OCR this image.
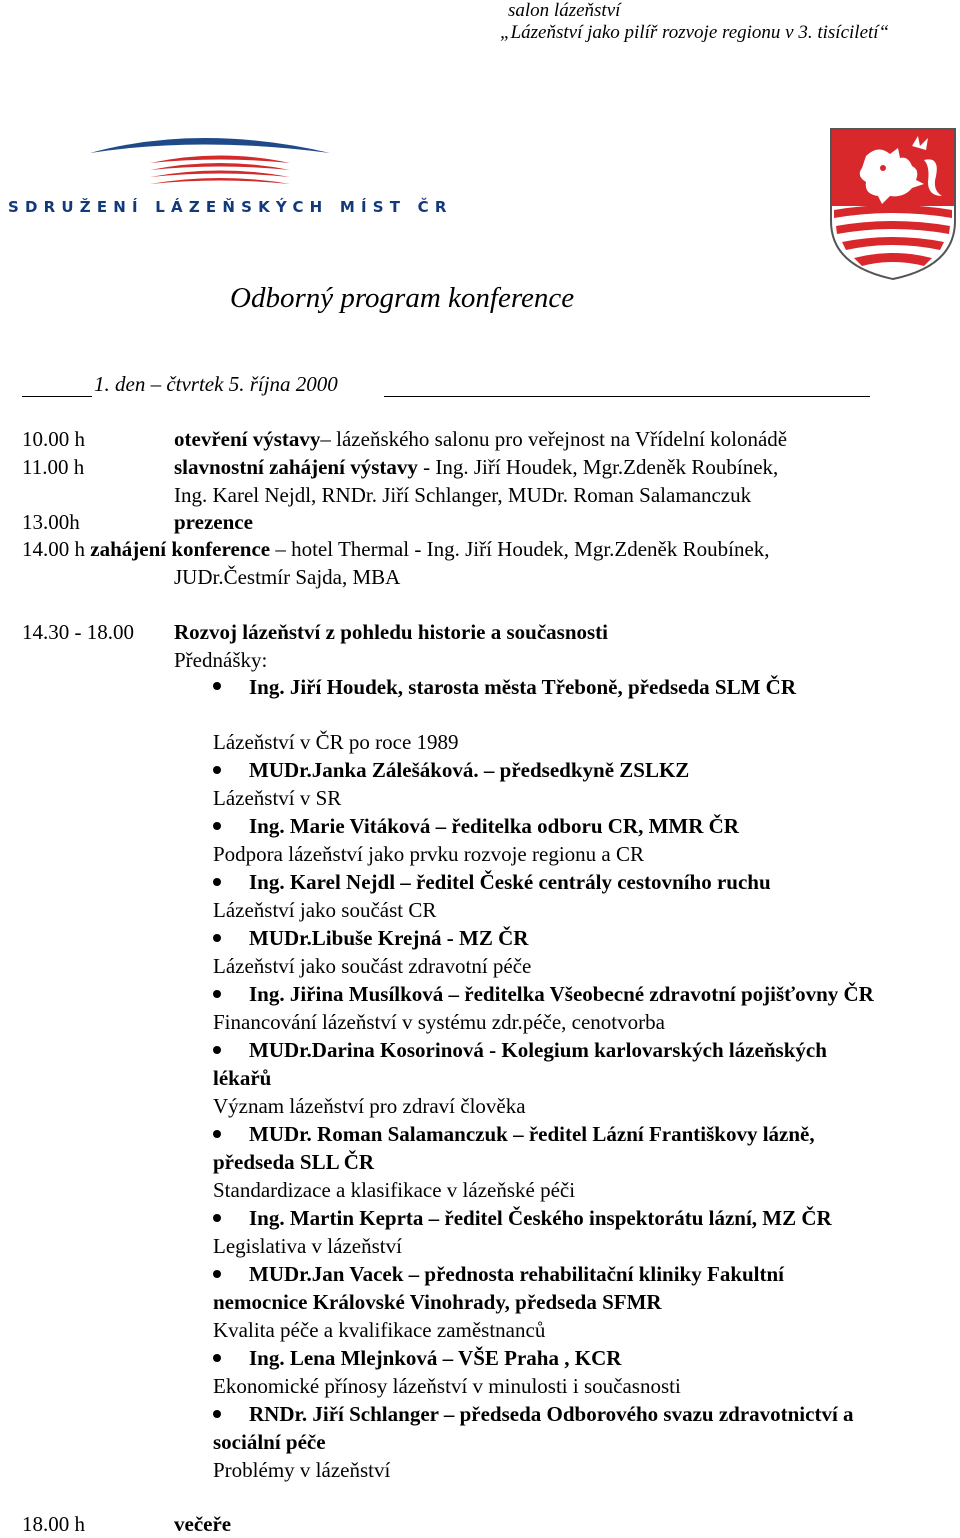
salon lázeňství
„Lázeňství jako pilíř rozvoje regionu v 3. tisíciletí“
SDRUŽENÍ LÁZEŇSKÝCH MÍST ČR
Odborný program konference
1. den – čtvrtek 5. října 2000
10.00 h	otevření výstavy– lázeňského salonu pro veřejnost na Vřídelní kolonádě
11.00 h	slavnostní zahájení výstavy - Ing. Jiří Houdek, Mgr.Zdeněk Roubínek,
Ing. Karel Nejdl, RNDr. Jiří Schlanger, MUDr. Roman Salamanczuk
13.00h	prezence
14.00 h zahájení konference – hotel Thermal - Ing. Jiří Houdek, Mgr.Zdeněk Roubínek,
JUDr.Čestmír Sajda, MBA
14.30 - 18.00 Rozvoj lázeňství z pohledu historie a současnosti
Přednášky:
Ing. Jiří Houdek, starosta města Třeboně, předseda SLM ČR
Lázeňství v ČR po roce 1989
MUDr.Janka Zálešáková. – předsedkyně ZSLKZ
Lázeňství v SR
Ing. Marie Vitáková – ředitelka odboru CR, MMR ČR
Podpora lázeňství jako prvku rozvoje regionu a CR
Ing. Karel Nejdl – ředitel České centrály cestovního ruchu
Lázeňství jako součást CR
MUDr.Libuše Krejná - MZ ČR
Lázeňství jako součást zdravotní péče
Ing. Jiřina Musílková – ředitelka Všeobecné zdravotní pojišťovny ČR
Financování lázeňství v systému zdr.péče, cenotvorba
MUDr.Darina Kosorinová - Kolegium karlovarských lázeňských
lékařů
Význam lázeňství pro zdraví člověka
MUDr. Roman Salamanczuk – ředitel Lázní Františkovy lázně,
předseda SLL ČR
Standardizace a klasifikace v lázeňské péči
Ing. Martin Keprta – ředitel Českého inspektorátu lázní, MZ ČR
Legislativa v lázeňství
MUDr.Jan Vacek – přednosta rehabilitační kliniky Fakultní
nemocnice Královské Vinohrady, předseda SFMR
Kvalita péče a kvalifikace zaměstnanců
Ing. Lena Mlejnková – VŠE Praha , KCR
Ekonomické přínosy lázeňství v minulosti i současnosti
RNDr. Jiří Schlanger – předseda Odborového svazu zdravotnictví a
sociální péče
Problémy v lázeňství
18.00 h	večeře
